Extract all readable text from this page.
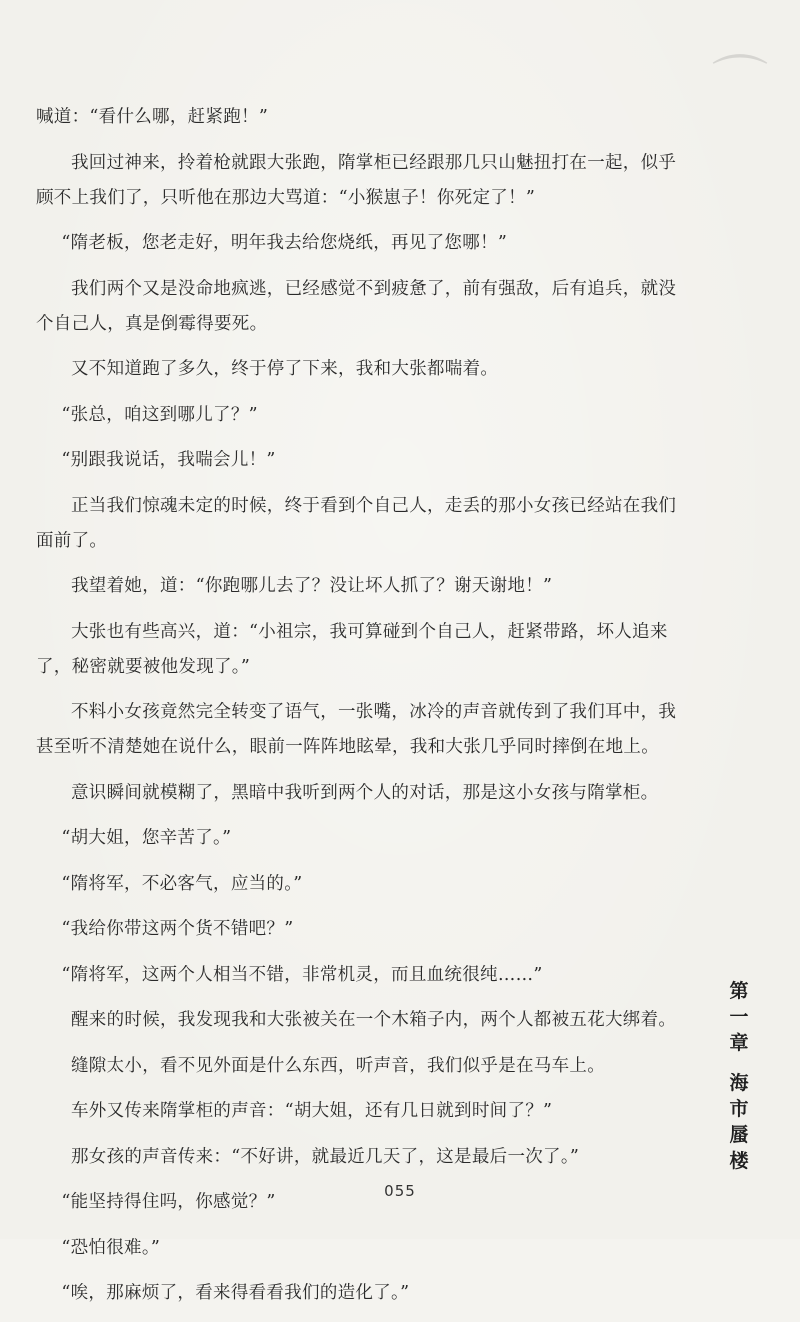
⌒

喊道：“看什么哪，赶紧跑！”

我回过神来，拎着枪就跟大张跑，隋掌柜已经跟那几只山魅扭打在一起，似乎顾不上我们了，只听他在那边大骂道：“小猴崽子！你死定了！”

“隋老板，您老走好，明年我去给您烧纸，再见了您哪！”

我们两个又是没命地疯逃，已经感觉不到疲惫了，前有强敌，后有追兵，就没个自己人，真是倒霉得要死。

又不知道跑了多久，终于停了下来，我和大张都喘着。

“张总，咱这到哪儿了？”

“别跟我说话，我喘会儿！”

正当我们惊魂未定的时候，终于看到个自己人，走丢的那小女孩已经站在我们面前了。

我望着她，道：“你跑哪儿去了？没让坏人抓了？谢天谢地！”

大张也有些高兴，道：“小祖宗，我可算碰到个自己人，赶紧带路，坏人追来了，秘密就要被他发现了。”

不料小女孩竟然完全转变了语气，一张嘴，冰冷的声音就传到了我们耳中，我甚至听不清楚她在说什么，眼前一阵阵地眩晕，我和大张几乎同时摔倒在地上。

意识瞬间就模糊了，黑暗中我听到两个人的对话，那是这小女孩与隋掌柜。

“胡大姐，您辛苦了。”

“隋将军，不必客气，应当的。”

“我给你带这两个货不错吧？”

“隋将军，这两个人相当不错，非常机灵，而且血统很纯……”

醒来的时候，我发现我和大张被关在一个木箱子内，两个人都被五花大绑着。

缝隙太小，看不见外面是什么东西，听声音，我们似乎是在马车上。

车外又传来隋掌柜的声音：“胡大姐，还有几日就到时间了？”

那女孩的声音传来：“不好讲，就最近几天了，这是最后一次了。”

“能坚持得住吗，你感觉？”

“恐怕很难。”

“唉，那麻烦了，看来得看看我们的造化了。”

第
一
章
海
市
蜃
楼
055
